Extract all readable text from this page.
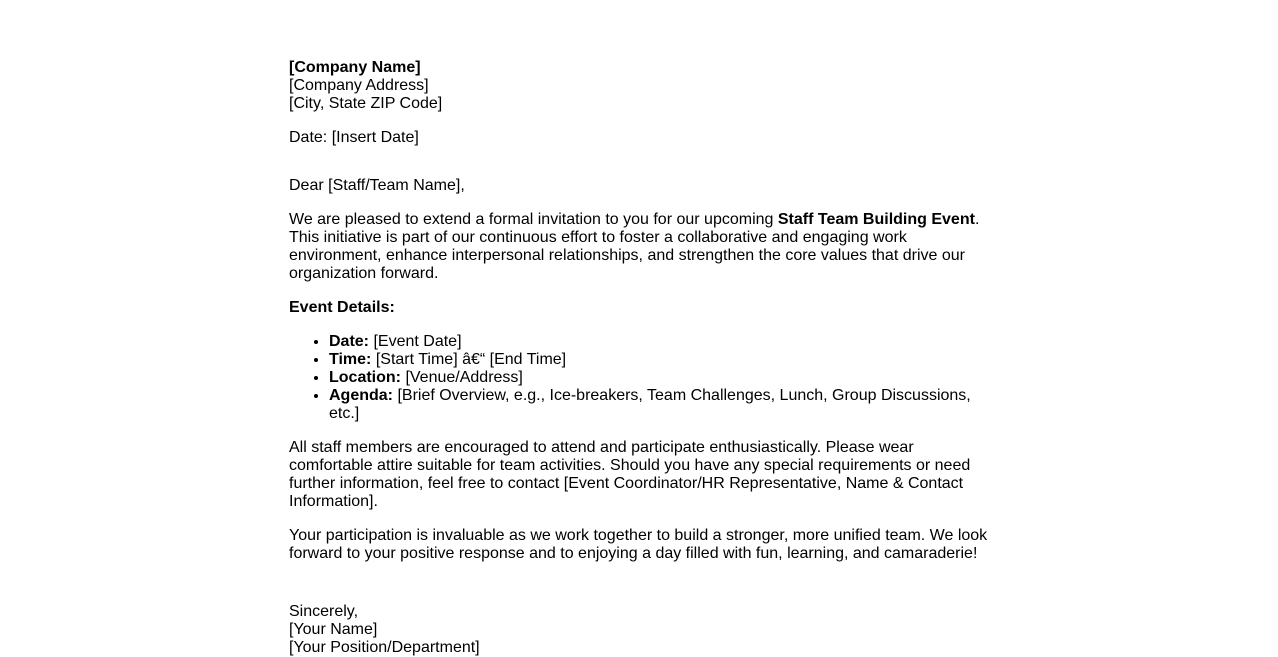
[Company Name]
[Company Address]
[City, State ZIP Code]

Date: [Insert Date]

Dear [Staff/Team Name],

We are pleased to extend a formal invitation to you for our upcoming Staff Team Building Event. This initiative is part of our continuous effort to foster a collaborative and engaging work environment, enhance interpersonal relationships, and strengthen the core values that drive our organization forward.

Event Details:

• Date: [Event Date]
• Time: [Start Time] â€“ [End Time]
• Location: [Venue/Address]
• Agenda: [Brief Overview, e.g., Ice-breakers, Team Challenges, Lunch, Group Discussions, etc.]

All staff members are encouraged to attend and participate enthusiastically. Please wear comfortable attire suitable for team activities. Should you have any special requirements or need further information, feel free to contact [Event Coordinator/HR Representative, Name & Contact Information].

Your participation is invaluable as we work together to build a stronger, more unified team. We look forward to your positive response and to enjoying a day filled with fun, learning, and camaraderie!

Sincerely,
[Your Name]
[Your Position/Department]
